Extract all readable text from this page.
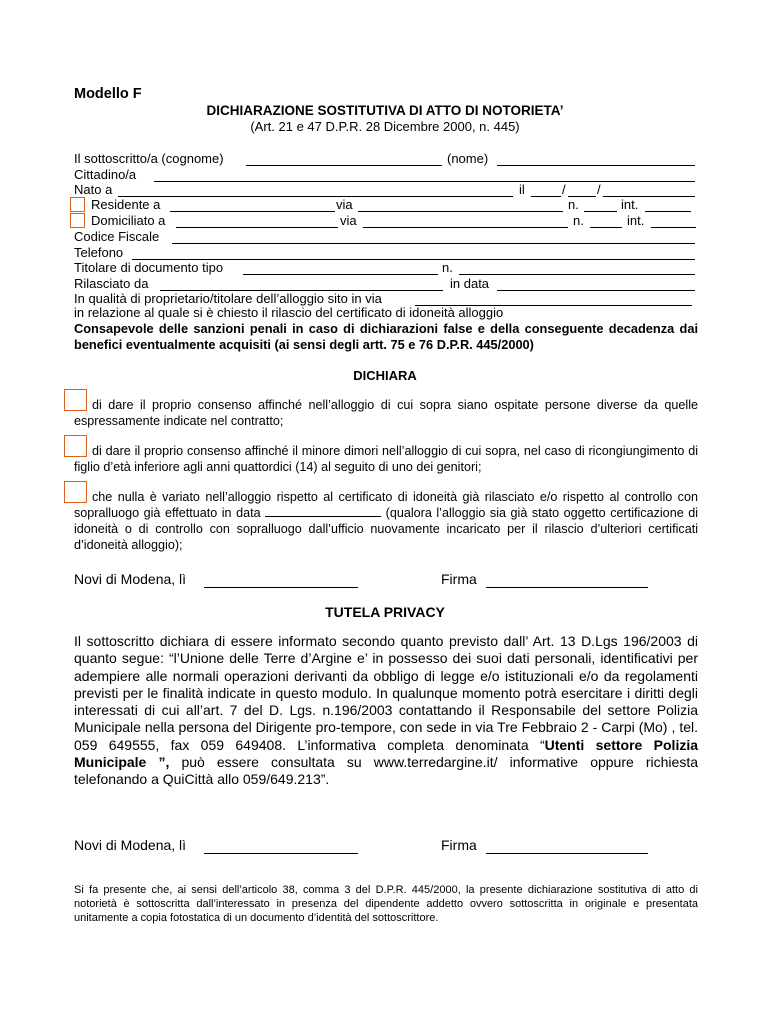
Modello F
DICHIARAZIONE SOSTITUTIVA DI ATTO DI NOTORIETA’
(Art. 21 e 47 D.P.R. 28 Dicembre 2000, n. 445)
Il sottoscritto/a (cognome)	(nome)
Cittadino/a
Nato a	il	/ /
Residente a	via	n.	int.
Domiciliato a	via	n.	int.
Codice Fiscale
Telefono
Titolare di documento tipo	n.
Rilasciato da	in data
In qualità di proprietario/titolare dell’alloggio sito in via
in relazione al quale si è chiesto il rilascio del certificato di idoneità alloggio
Consapevole delle sanzioni penali in caso di dichiarazioni false e della conseguente decadenza dai benefici eventualmente acquisiti (ai sensi degli artt. 75 e 76 D.P.R. 445/2000)
DICHIARA
di dare il proprio consenso affinché nell’alloggio di cui sopra siano ospitate persone diverse da quelle espressamente indicate nel contratto;
di dare il proprio consenso affinché il minore dimori nell’alloggio di cui sopra, nel caso di ricongiungimento di figlio d’età inferiore agli anni quattordici (14) al seguito di uno dei genitori;
che nulla è variato nell’alloggio rispetto al certificato di idoneità già rilasciato e/o rispetto al controllo con sopralluogo già effettuato in data	(qualora l’alloggio sia già stato oggetto certificazione di idoneità o di controllo con sopralluogo dall’ufficio nuovamente incaricato per il rilascio d’ulteriori certificati d’idoneità alloggio);
Novi di Modena, lì	Firma
TUTELA PRIVACY
Il sottoscritto dichiara di essere informato secondo quanto previsto dall’ Art. 13 D.Lgs 196/2003 di quanto segue: “l’Unione delle Terre d’Argine e’ in possesso dei suoi dati personali, identificativi per adempiere alle normali operazioni derivanti da obbligo di legge e/o istituzionali e/o da regolamenti previsti per le finalità indicate in questo modulo. In qualunque momento potrà esercitare i diritti degli interessati di cui all’art. 7 del D. Lgs. n.196/2003 contattando il Responsabile del settore Polizia Municipale nella persona del Dirigente pro-tempore, con sede in via Tre Febbraio 2 - Carpi (Mo) , tel. 059 649555, fax 059 649408. L’informativa completa denominata “Utenti settore Polizia Municipale ”, può essere consultata su www.terredargine.it/ informative oppure richiesta telefonando a QuiCittà allo 059/649.213”.
Novi di Modena, lì	Firma
Si fa presente che, ai sensi dell’articolo 38, comma 3 del D.P.R. 445/2000, la presente dichiarazione sostitutiva di atto di notorietà è sottoscritta dall’interessato in presenza del dipendente addetto ovvero sottoscritta in originale e presentata unitamente a copia fotostatica di un documento d’identità del sottoscrittore.
